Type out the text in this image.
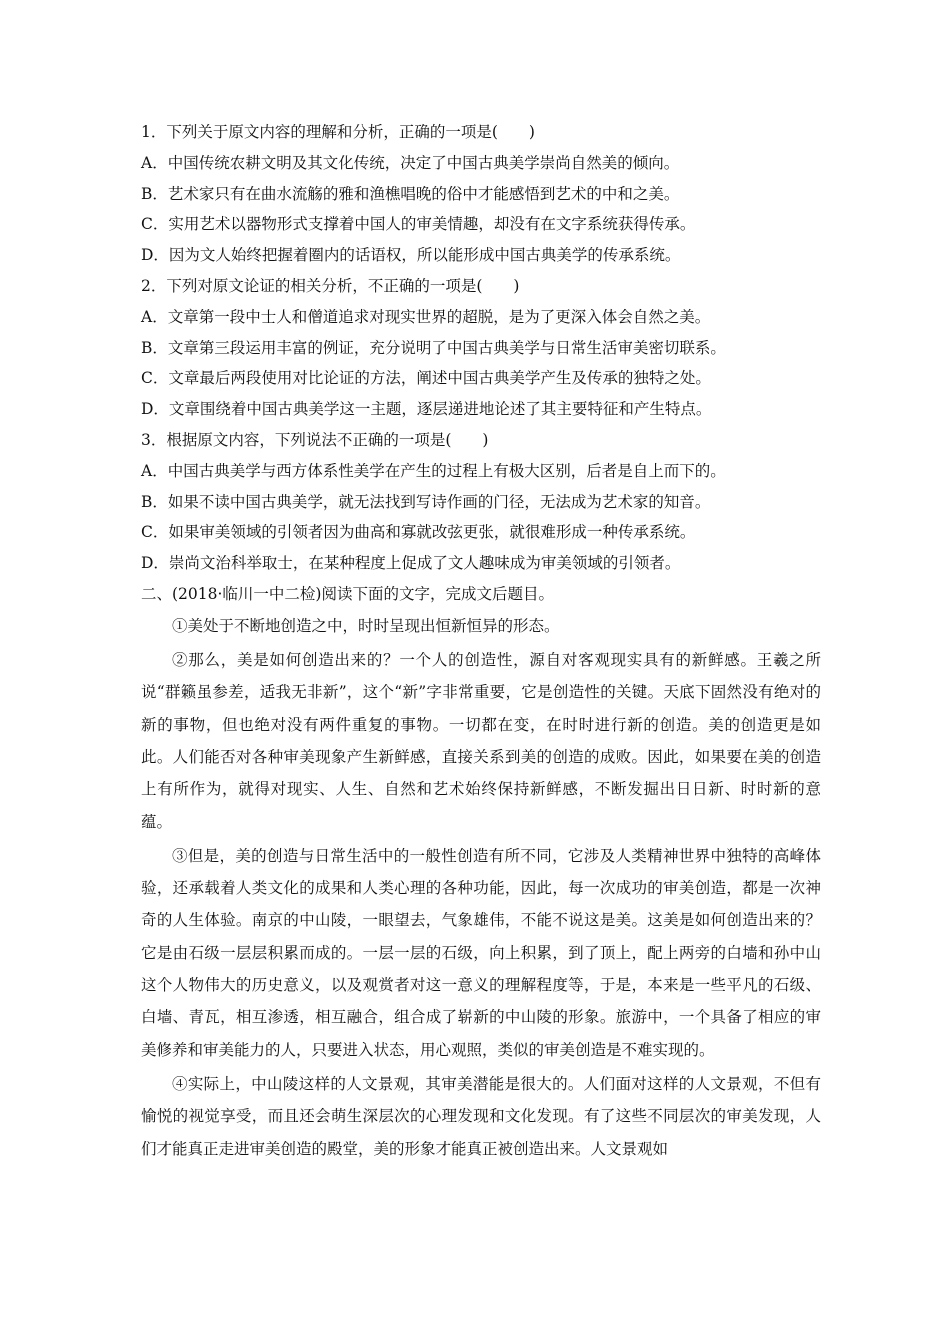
1．下列关于原文内容的理解和分析，正确的一项是(　　)
A．中国传统农耕文明及其文化传统，决定了中国古典美学崇尚自然美的倾向。
B．艺术家只有在曲水流觞的雅和渔樵唱晚的俗中才能感悟到艺术的中和之美。
C．实用艺术以器物形式支撑着中国人的审美情趣，却没有在文字系统获得传承。
D．因为文人始终把握着圈内的话语权，所以能形成中国古典美学的传承系统。
2．下列对原文论证的相关分析，不正确的一项是(　　)
A．文章第一段中士人和僧道追求对现实世界的超脱，是为了更深入体会自然之美。
B．文章第三段运用丰富的例证，充分说明了中国古典美学与日常生活审美密切联系。
C．文章最后两段使用对比论证的方法，阐述中国古典美学产生及传承的独特之处。
D．文章围绕着中国古典美学这一主题，逐层递进地论述了其主要特征和产生特点。
3．根据原文内容，下列说法不正确的一项是(　　)
A．中国古典美学与西方体系性美学在产生的过程上有极大区别，后者是自上而下的。
B．如果不读中国古典美学，就无法找到写诗作画的门径，无法成为艺术家的知音。
C．如果审美领域的引领者因为曲高和寡就改弦更张，就很难形成一种传承系统。
D．崇尚文治科举取士，在某种程度上促成了文人趣味成为审美领域的引领者。
二、(2018·临川一中二检)阅读下面的文字，完成文后题目。

①美处于不断地创造之中，时时呈现出恒新恒异的形态。

②那么，美是如何创造出来的？一个人的创造性，源自对客观现实具有的新鲜感。王羲之所说“群籁虽参差，适我无非新”，这个“新”字非常重要，它是创造性的关键。天底下固然没有绝对的新的事物，但也绝对没有两件重复的事物。一切都在变，在时时进行新的创造。美的创造更是如此。人们能否对各种审美现象产生新鲜感，直接关系到美的创造的成败。因此，如果要在美的创造上有所作为，就得对现实、人生、自然和艺术始终保持新鲜感，不断发掘出日日新、时时新的意蕴。

③但是，美的创造与日常生活中的一般性创造有所不同，它涉及人类精神世界中独特的高峰体验，还承载着人类文化的成果和人类心理的各种功能，因此，每一次成功的审美创造，都是一次神奇的人生体验。南京的中山陵，一眼望去，气象雄伟，不能不说这是美。这美是如何创造出来的？它是由石级一层层积累而成的。一层一层的石级，向上积累，到了顶上，配上两旁的白墙和孙中山这个人物伟大的历史意义，以及观赏者对这一意义的理解程度等，于是，本来是一些平凡的石级、白墙、青瓦，相互渗透，相互融合，组合成了崭新的中山陵的形象。旅游中，一个具备了相应的审美修养和审美能力的人，只要进入状态，用心观照，类似的审美创造是不难实现的。

④实际上，中山陵这样的人文景观，其审美潜能是很大的。人们面对这样的人文景观，不但有愉悦的视觉享受，而且还会萌生深层次的心理发现和文化发现。有了这些不同层次的审美发现，人们才能真正走进审美创造的殿堂，美的形象才能真正被创造出来。人文景观如
